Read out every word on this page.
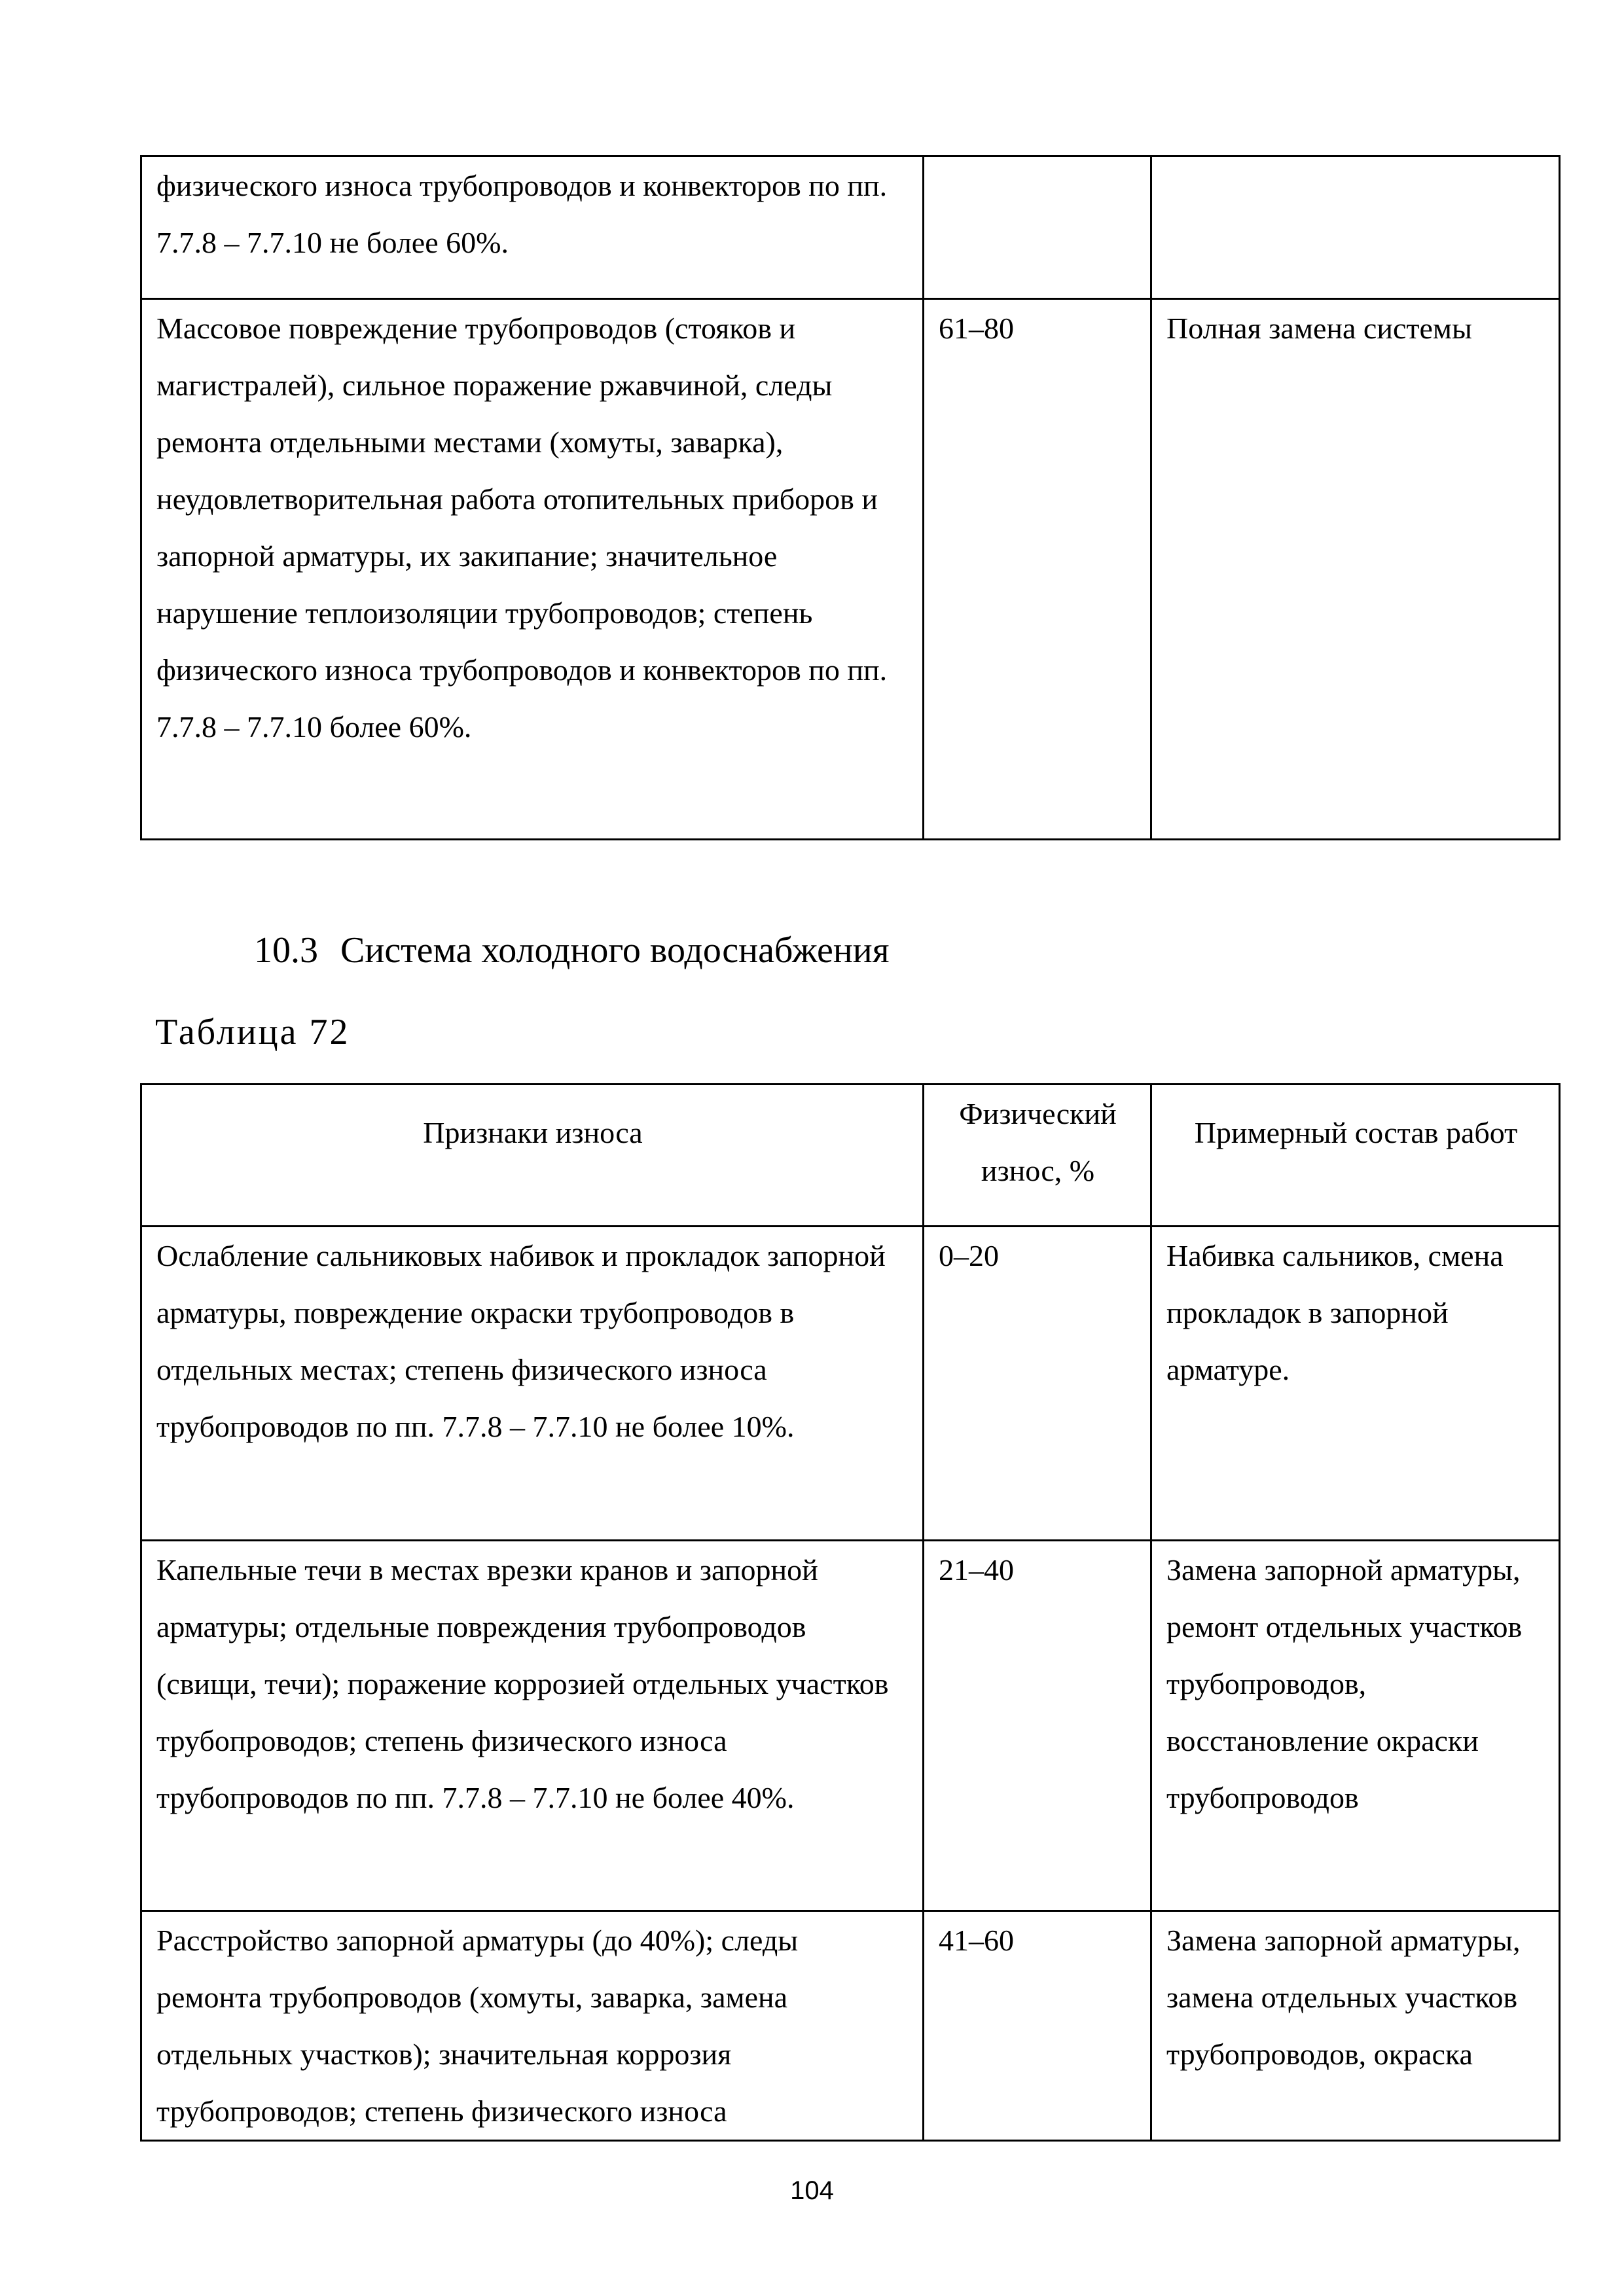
физического износа трубопроводов и конвекторов по пп. 7.7.8 – 7.7.10 не более 60%.		
Массовое повреждение трубопроводов (стояков и магистралей), сильное поражение ржавчиной, следы ремонта отдельными местами (хомуты, заварка), неудовлетворительная работа отопительных приборов и запорной арматуры, их закипание; значительное нарушение теплоизоляции трубопроводов; степень физического износа трубопроводов и конвекторов по пп. 7.7.8 – 7.7.10 более 60%.	61–80	Полная замена системы
10.3 Система холодного водоснабжения
Таблица 72
Признаки износа	Физический износ, %	Примерный состав работ
Ослабление сальниковых набивок и прокладок запорной арматуры, повреждение окраски трубопроводов в отдельных местах; степень физического износа трубопроводов по пп. 7.7.8 – 7.7.10 не более 10%.	0–20	Набивка сальников, смена прокладок в запорной арматуре.
Капельные течи в местах врезки кранов и запорной арматуры; отдельные повреждения трубопроводов (свищи, течи); поражение коррозией отдельных участков трубопроводов; степень физического износа трубопроводов по пп. 7.7.8 – 7.7.10 не более 40%.	21–40	Замена запорной арматуры, ремонт отдельных участков трубопроводов, восстановление окраски трубопроводов
Расстройство запорной арматуры (до 40%); следы ремонта трубопроводов (хомуты, заварка, замена отдельных участков); значительная коррозия трубопроводов; степень физического износа	41–60	Замена запорной арматуры, замена отдельных участков трубопроводов, окраска
104
